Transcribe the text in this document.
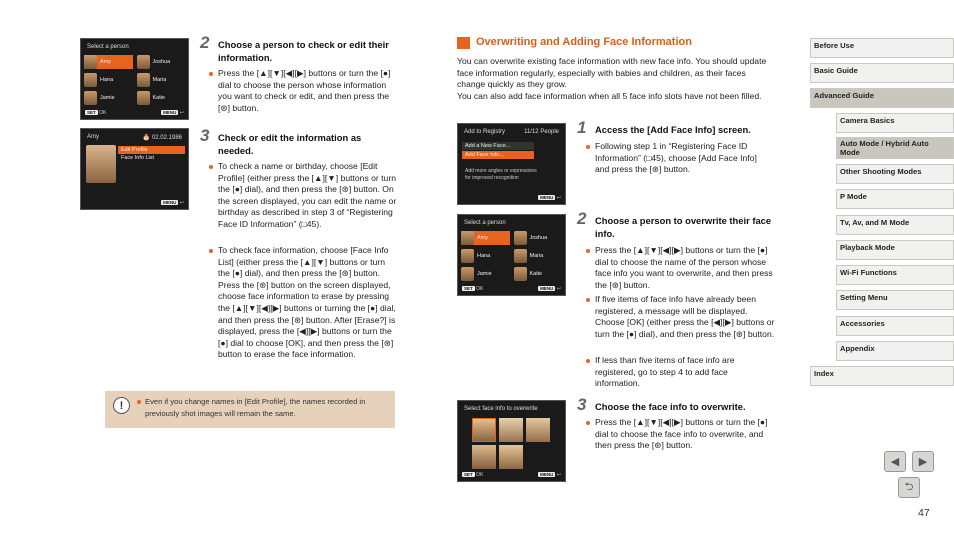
Select a person
Amy	Joshua
Hana	Maria
Jamie	Katie
SET OK	MENU ↩
Amy	🎂 02.02.1986
Edit Profile
Face Info List
MENU ↩
2 Choose a person to check or edit their information.
Press the [▲][▼][◀][▶] buttons or turn the [●] dial to choose the person whose information you want to check or edit, and then press the [⊛] button.
3 Check or edit the information as needed.
To check a name or birthday, choose [Edit Profile] (either press the [▲][▼] buttons or turn the [●] dial), and then press the [⊛] button. On the screen displayed, you can edit the name or birthday as described in step 3 of “Registering Face ID Information” (□45).
To check face information, choose [Face Info List] (either press the [▲][▼] buttons or turn the [●] dial), and then press the [⊛] button. Press the [⊛] button on the screen displayed, choose face information to erase by pressing the [▲][▼][◀][▶] buttons or turning the [●] dial, and then press the [⊛] button. After [Erase?] is displayed, press the [◀][▶] buttons or turn the [●] dial to choose [OK], and then press the [⊛] button to erase the face information.
!	Even if you change names in [Edit Profile], the names recorded in previously shot images will remain the same.
Overwriting and Adding Face Information
You can overwrite existing face information with new face info. You should update face information regularly, especially with babies and children, as their faces change quickly as they grow.
You can also add face information when all 5 face info slots have not been filled.
Add to Registry	11/12 People
Add a New Face...
Add Face Info...
Add more angles or expressions
for improved recognition
MENU ↩
Select a person
Amy	Joshua
Hana	Maria
Jamie	Katie
SET OK	MENU ↩
Select face info to overwrite
SET OK	MENU ↩
1 Access the [Add Face Info] screen.
Following step 1 in “Registering Face ID Information” (□45), choose [Add Face Info] and press the [⊛] button.
2 Choose a person to overwrite their face info.
Press the [▲][▼][◀][▶] buttons or turn the [●] dial to choose the name of the person whose face info you want to overwrite, and then press the [⊛] button.
If five items of face info have already been registered, a message will be displayed. Choose [OK] (either press the [◀][▶] buttons or turn the [●] dial), and then press the [⊛] button.
If less than five items of face info are registered, go to step 4 to add face information.
3 Choose the face info to overwrite.
Press the [▲][▼][◀][▶] buttons or turn the [●] dial to choose the face info to overwrite, and then press the [⊛] button.
Before Use
Basic Guide
Advanced Guide
Camera Basics
Auto Mode / Hybrid Auto Mode
Other Shooting Modes
P Mode
Tv, Av, and M Mode
Playback Mode
Wi-Fi Functions
Setting Menu
Accessories
Appendix
Index
◀ ▶
⮌
47
